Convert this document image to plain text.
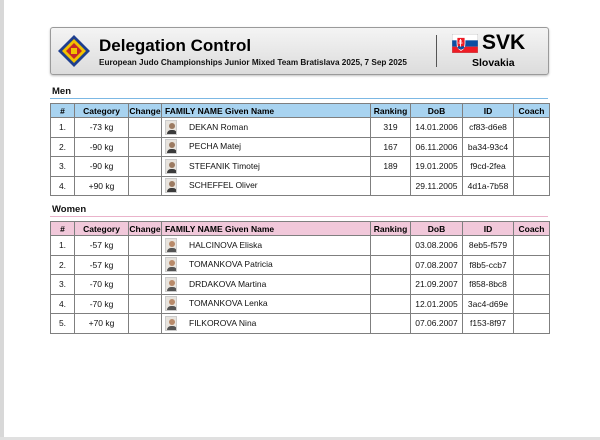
Delegation Control
European Judo Championships Junior Mixed Team Bratislava 2025, 7 Sep 2025
SVK
Slovakia
Men
#	Category	Change	FAMILY NAME Given Name	Ranking	DoB	ID	Coach
1.	-73 kg		DEKAN Roman	319	14.01.2006	cf83-d6e8	
2.	-90 kg		PECHA Matej	167	06.11.2006	ba34-93c4	
3.	-90 kg		STEFANIK Timotej	189	19.01.2005	f9cd-2fea	
4.	+90 kg		SCHEFFEL Oliver		29.11.2005	4d1a-7b58	
Women
#	Category	Change	FAMILY NAME Given Name	Ranking	DoB	ID	Coach
1.	-57 kg		HALCINOVA Eliska		03.08.2006	8eb5-f579	
2.	-57 kg		TOMANKOVA Patricia		07.08.2007	f8b5-ccb7	
3.	-70 kg		DRDAKOVA Martina		21.09.2007	f858-8bc8	
4.	-70 kg		TOMANKOVA Lenka		12.01.2005	3ac4-d69e	
5.	+70 kg		FILKOROVA Nina		07.06.2007	f153-8f97	
